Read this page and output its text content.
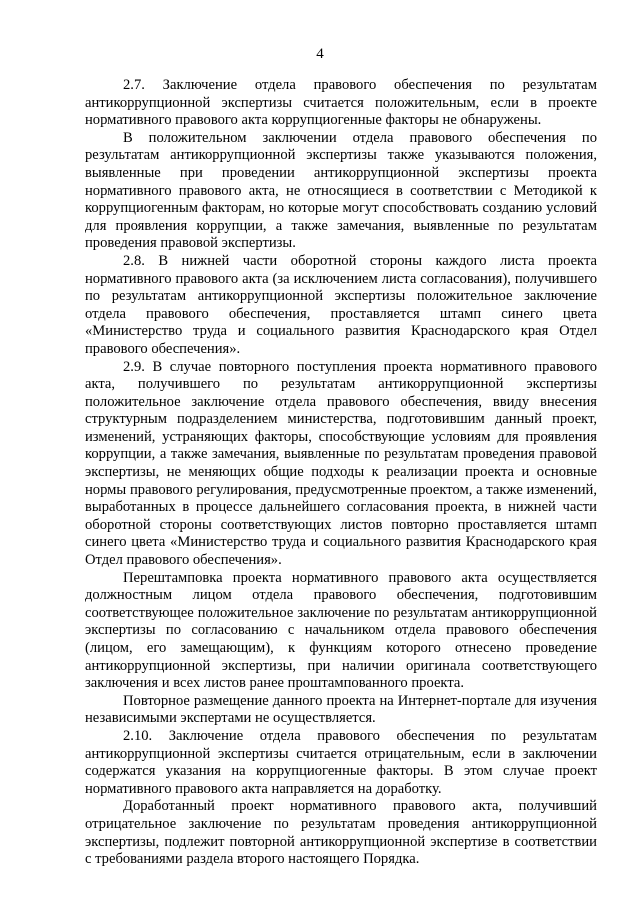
4

2.7. Заключение отдела правового обеспечения по результатам антикоррупционной экспертизы считается положительным, если в проекте нормативного правового акта коррупциогенные факторы не обнаружены.

В положительном заключении отдела правового обеспечения по результатам антикоррупционной экспертизы также указываются положения, выявленные при проведении антикоррупционной экспертизы проекта нормативного правового акта, не относящиеся в соответствии с Методикой к коррупциогенным факторам, но которые могут способствовать созданию условий для проявления коррупции, а также замечания, выявленные по результатам проведения правовой экспертизы.

2.8. В нижней части оборотной стороны каждого листа проекта нормативного правового акта (за исключением листа согласования), получившего по результатам антикоррупционной экспертизы положительное заключение отдела правового обеспечения, проставляется штамп синего цвета «Министерство труда и социального развития Краснодарского края Отдел правового обеспечения».

2.9. В случае повторного поступления проекта нормативного правового акта, получившего по результатам антикоррупционной экспертизы положительное заключение отдела правового обеспечения, ввиду внесения структурным подразделением министерства, подготовившим данный проект, изменений, устраняющих факторы, способствующие условиям для проявления коррупции, а также замечания, выявленные по результатам проведения правовой экспертизы, не меняющих общие подходы к реализации проекта и основные нормы правового регулирования, предусмотренные проектом, а также изменений, выработанных в процессе дальнейшего согласования проекта, в нижней части оборотной стороны соответствующих листов повторно проставляется штамп синего цвета «Министерство труда и социального развития Краснодарского края Отдел правового обеспечения».

Перештамповка проекта нормативного правового акта осуществляется должностным лицом отдела правового обеспечения, подготовившим соответствующее положительное заключение по результатам антикоррупционной экспертизы по согласованию с начальником отдела правового обеспечения (лицом, его замещающим), к функциям которого отнесено проведение антикоррупционной экспертизы, при наличии оригинала соответствующего заключения и всех листов ранее проштампованного проекта.

Повторное размещение данного проекта на Интернет-портале для изучения независимыми экспертами не осуществляется.

2.10. Заключение отдела правового обеспечения по результатам антикоррупционной экспертизы считается отрицательным, если в заключении содержатся указания на коррупциогенные факторы. В этом случае проект нормативного правового акта направляется на доработку.

Доработанный проект нормативного правового акта, получивший отрицательное заключение по результатам проведения антикоррупционной экспертизы, подлежит повторной антикоррупционной экспертизе в соответствии с требованиями раздела второго настоящего Порядка.
